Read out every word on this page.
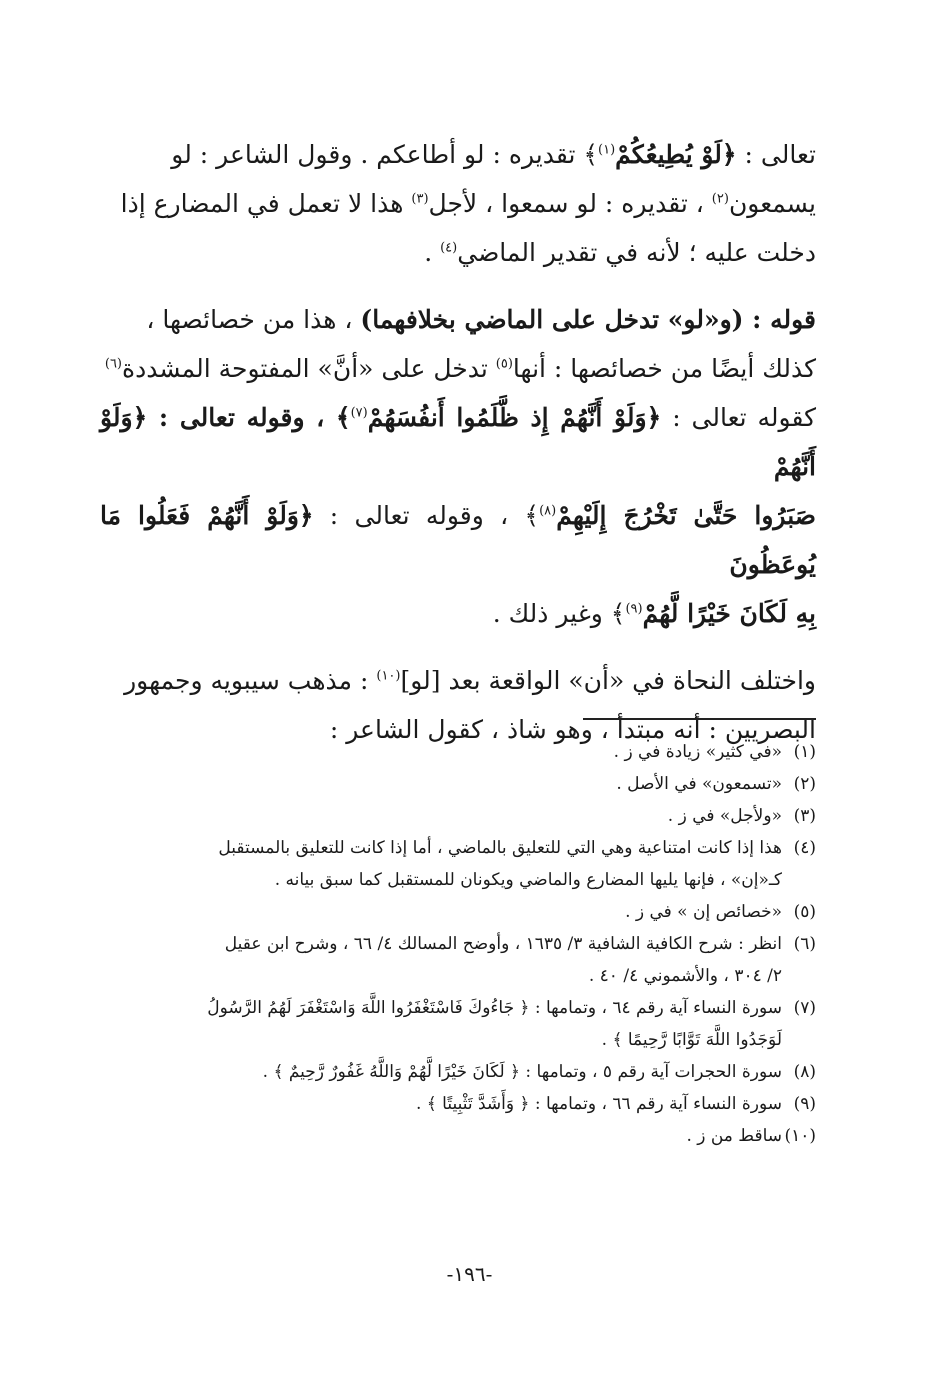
تعالى : ﴿لَوْ يُطِيعُكُمْ$^{(١)}$﴾ تقديره : لو أطاعكم . وقول الشاعر : لو

يسمعون$^{(٢)}$ ، تقديره : لو سمعوا ، لأجل$^{(٣)}$ هذا لا تعمل في المضارع إذا

دخلت عليه ؛ لأنه في تقدير الماضي$^{(٤)}$ .

قوله : (و«لو» تدخل على الماضي بخلافهما) ، هذا من خصائصها ،

كذلك أيضًا من خصائصها : أنها$^{(٥)}$ تدخل على «أنَّ» المفتوحة المشددة$^{(٦)}$

كقوله تعالى : ﴿وَلَوْ أَنَّهُمْ إِذ ظَّلَمُوا أَنفُسَهُمْ$^{(٧)}$﴾ ، وقوله تعالى : ﴿وَلَوْ أَنَّهُمْ

صَبَرُوا حَتَّىٰ تَخْرُجَ إِلَيْهِمْ$^{(٨)}$﴾ ، وقوله تعالى : ﴿وَلَوْ أَنَّهُمْ فَعَلُوا مَا يُوعَظُونَ

بِهِ لَكَانَ خَيْرًا لَّهُمْ$^{(٩)}$﴾ وغير ذلك .

واختلف النحاة في «أن» الواقعة بعد [لو]$^{(١٠)}$ : مذهب سيبويه وجمهور

البصريين : أنه مبتدأ ، وهو شاذ ، كقول الشاعر :

(١)«في كثير» زيادة في ز .
(٢)«تسمعون» في الأصل .
(٣)«ولأجل» في ز .
(٤)هذا إذا كانت امتناعية وهي التي للتعليق بالماضي ، أما إذا كانت للتعليق بالمستقبل

كـ«إن» ، فإنها يليها المضارع والماضي ويكونان للمستقبل كما سبق بيانه .

(٥)«خصائص إن » في ز .
(٦)انظر : شرح الكافية الشافية ٣/ ١٦٣٥ ، وأوضح المسالك ٤/ ٦٦ ، وشرح ابن عقيل

٢/ ٣٠٤ ، والأشموني ٤/ ٤٠ .

(٧)سورة النساء آية رقم ٦٤ ، وتمامها : ﴿ جَاءُوكَ فَاسْتَغْفَرُوا اللَّهَ وَاسْتَغْفَرَ لَهُمُ الرَّسُولُ

لَوَجَدُوا اللَّهَ تَوَّابًا رَّحِيمًا ﴾ .

(٨)سورة الحجرات آية رقم ٥ ، وتمامها : ﴿ لَكَانَ خَيْرًا لَّهُمْ وَاللَّهُ غَفُورٌ رَّحِيمٌ ﴾ .
(٩)سورة النساء آية رقم ٦٦ ، وتمامها : ﴿ وَأَشَدَّ تَثْبِيتًا ﴾ .
(١٠)ساقط من ز .
-١٩٦-
